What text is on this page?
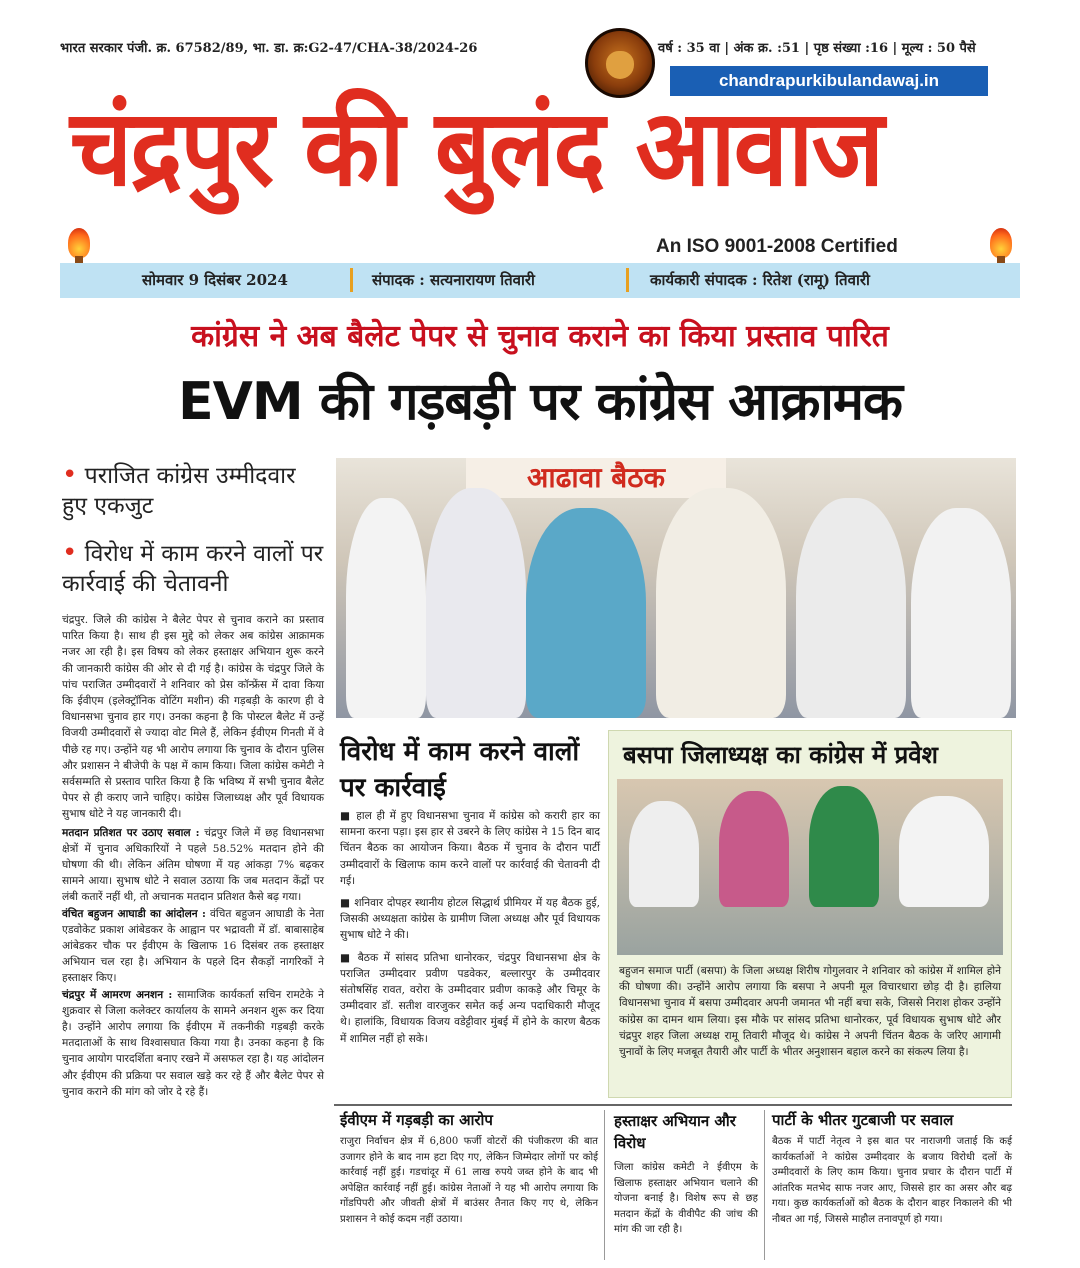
भारत सरकार पंजी. क्र. 67582/89, भा. डा. क्र:G2-47/CHA-38/2024-26	वर्ष : 35 वा | अंक क्र. :51 | पृष्ठ संख्या :16 | मूल्य : 50 पैसे
chandrapurkibulandawaj.in
चंद्रपुर की बुलंद आवाज
An ISO 9001-2008 Certified
सोमवार 9 दिसंबर 2024	संपादक : सत्यनारायण तिवारी	कार्यकारी संपादक : रितेश (रामू) तिवारी
कांग्रेस ने अब बैलेट पेपर से चुनाव कराने का किया प्रस्ताव पारित
EVM की गड़बड़ी पर कांग्रेस आक्रामक
• पराजित कांग्रेस उम्मीदवार हुए एकजुट
• विरोध में काम करने वालों पर कार्रवाई की चेतावनी
आढावा बैठक

चंद्रपुर. जिले की कांग्रेस ने बैलेट पेपर से चुनाव कराने का प्रस्ताव पारित किया है। साथ ही इस मुद्दे को लेकर अब कांग्रेस आक्रामक नजर आ रही है। इस विषय को लेकर हस्ताक्षर अभियान शुरू करने की जानकारी कांग्रेस की ओर से दी गई है। कांग्रेस के चंद्रपुर जिले के पांच पराजित उम्मीदवारों ने शनिवार को प्रेस कॉन्फ्रेंस में दावा किया कि ईवीएम (इलेक्ट्रॉनिक वोटिंग मशीन) की गड़बड़ी के कारण ही वे विधानसभा चुनाव हार गए। उनका कहना है कि पोस्टल बैलेट में उन्हें विजयी उम्मीदवारों से ज्यादा वोट मिले हैं, लेकिन ईवीएम गिनती में वे पीछे रह गए। उन्होंने यह भी आरोप लगाया कि चुनाव के दौरान पुलिस और प्रशासन ने बीजेपी के पक्ष में काम किया। जिला कांग्रेस कमेटी ने सर्वसम्मति से प्रस्ताव पारित किया है कि भविष्य में सभी चुनाव बैलेट पेपर से ही कराए जाने चाहिए। कांग्रेस जिलाध्यक्ष और पूर्व विधायक सुभाष धोटे ने यह जानकारी दी।

मतदान प्रतिशत पर उठाए सवाल : चंद्रपुर जिले में छह विधानसभा क्षेत्रों में चुनाव अधिकारियों ने पहले 58.52% मतदान होने की घोषणा की थी। लेकिन अंतिम घोषणा में यह आंकड़ा 7% बढ़कर सामने आया। सुभाष धोटे ने सवाल उठाया कि जब मतदान केंद्रों पर लंबी कतारें नहीं थी, तो अचानक मतदान प्रतिशत कैसे बढ़ गया।

वंचित बहुजन आघाडी का आंदोलन : वंचित बहुजन आघाडी के नेता एडवोकेट प्रकाश आंबेडकर के आह्वान पर भद्रावती में डॉ. बाबासाहेब आंबेडकर चौक पर ईवीएम के खिलाफ 16 दिसंबर तक हस्ताक्षर अभियान चल रहा है। अभियान के पहले दिन सैकड़ों नागरिकों ने हस्ताक्षर किए।

चंद्रपुर में आमरण अनशन : सामाजिक कार्यकर्ता सचिन रामटेके ने शुक्रवार से जिला कलेक्टर कार्यालय के सामने अनशन शुरू कर दिया है। उन्होंने आरोप लगाया कि ईवीएम में तकनीकी गड़बड़ी करके मतदाताओं के साथ विश्वासघात किया गया है। उनका कहना है कि चुनाव आयोग पारदर्शिता बनाए रखने में असफल रहा है। यह आंदोलन और ईवीएम की प्रक्रिया पर सवाल खड़े कर रहे हैं और बैलेट पेपर से चुनाव कराने की मांग को जोर दे रहे हैं।

विरोध में काम करने वालों पर कार्रवाई

■ हाल ही में हुए विधानसभा चुनाव में कांग्रेस को करारी हार का सामना करना पड़ा। इस हार से उबरने के लिए कांग्रेस ने 15 दिन बाद चिंतन बैठक का आयोजन किया। बैठक में चुनाव के दौरान पार्टी उम्मीदवारों के खिलाफ काम करने वालों पर कार्रवाई की चेतावनी दी गई।

■ शनिवार दोपहर स्थानीय होटल सिद्धार्थ प्रीमियर में यह बैठक हुई, जिसकी अध्यक्षता कांग्रेस के ग्रामीण जिला अध्यक्ष और पूर्व विधायक सुभाष धोटे ने की।

■ बैठक में सांसद प्रतिभा धानोरकर, चंद्रपुर विधानसभा क्षेत्र के पराजित उम्मीदवार प्रवीण पडवेकर, बल्लारपुर के उम्मीदवार संतोषसिंह रावत, वरोरा के उम्मीदवार प्रवीण काकड़े और चिमूर के उम्मीदवार डॉ. सतीश वारजुकर समेत कई अन्य पदाधिकारी मौजूद थे। हालांकि, विधायक विजय वडेट्टीवार मुंबई में होने के कारण बैठक में शामिल नहीं हो सके।

बसपा जिलाध्यक्ष का कांग्रेस में प्रवेश
बहुजन समाज पार्टी (बसपा) के जिला अध्यक्ष शिरीष गोगुलवार ने शनिवार को कांग्रेस में शामिल होने की घोषणा की। उन्होंने आरोप लगाया कि बसपा ने अपनी मूल विचारधारा छोड़ दी है। हालिया विधानसभा चुनाव में बसपा उम्मीदवार अपनी जमानत भी नहीं बचा सके, जिससे निराश होकर उन्होंने कांग्रेस का दामन थाम लिया। इस मौके पर सांसद प्रतिभा धानोरकर, पूर्व विधायक सुभाष धोटे और चंद्रपुर शहर जिला अध्यक्ष रामू तिवारी मौजूद थे। कांग्रेस ने अपनी चिंतन बैठक के जरिए आगामी चुनावों के लिए मजबूत तैयारी और पार्टी के भीतर अनुशासन बहाल करने का संकल्प लिया है।
ईवीएम में गड़बड़ी का आरोप
राजुरा निर्वाचन क्षेत्र में 6,800 फर्जी वोटरों की पंजीकरण की बात उजागर होने के बाद नाम हटा दिए गए, लेकिन जिम्मेदार लोगों पर कोई कार्रवाई नहीं हुई। गडचांदूर में 61 लाख रुपये जब्त होने के बाद भी अपेक्षित कार्रवाई नहीं हुई। कांग्रेस नेताओं ने यह भी आरोप लगाया कि गोंडपिपरी और जीवती क्षेत्रों में बाउंसर तैनात किए गए थे, लेकिन प्रशासन ने कोई कदम नहीं उठाया।
हस्ताक्षर अभियान और विरोध
जिला कांग्रेस कमेटी ने ईवीएम के खिलाफ हस्ताक्षर अभियान चलाने की योजना बनाई है। विशेष रूप से छह मतदान केंद्रों के वीवीपैट की जांच की मांग की जा रही है।
पार्टी के भीतर गुटबाजी पर सवाल
बैठक में पार्टी नेतृत्व ने इस बात पर नाराजगी जताई कि कई कार्यकर्ताओं ने कांग्रेस उम्मीदवार के बजाय विरोधी दलों के उम्मीदवारों के लिए काम किया। चुनाव प्रचार के दौरान पार्टी में आंतरिक मतभेद साफ नजर आए, जिससे हार का असर और बढ़ गया। कुछ कार्यकर्ताओं को बैठक के दौरान बाहर निकालने की भी नौबत आ गई, जिससे माहौल तनावपूर्ण हो गया।
